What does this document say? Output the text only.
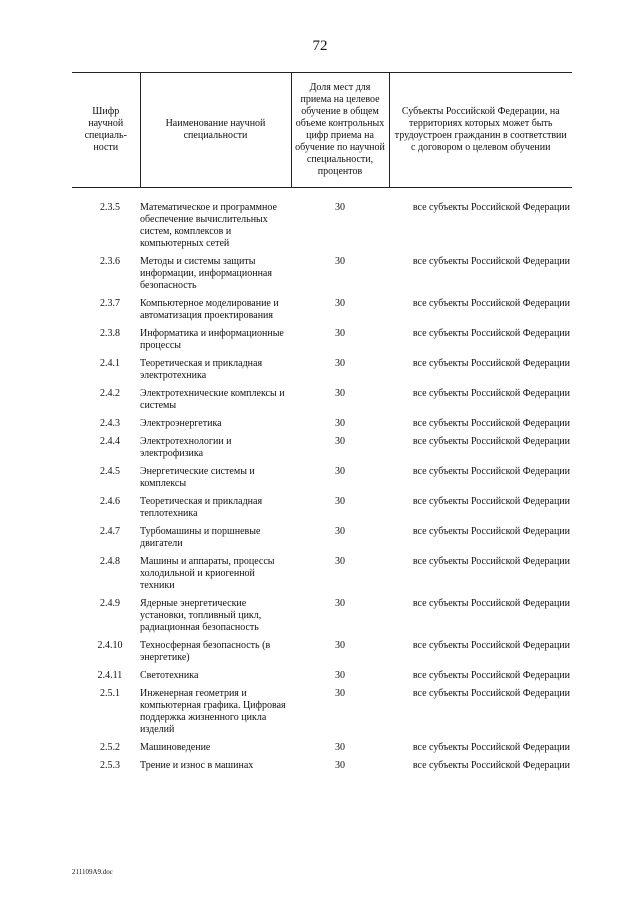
72
Шифр научной специаль- ности	Наименование научной специальности	Доля мест для приема на целевое обучение в общем объеме контрольных цифр приема на обучение по научной специальности, процентов	Субъекты Российской Федерации, на территориях которых может быть трудоустроен гражданин в соответствии с договором о целевом обучении

2.3.5	Математическое и программное обеспечение вычислительных систем, комплексов и компьютерных сетей	30	все субъекты Российской Федерации
2.3.6	Методы и системы защиты информации, информационная безопасность	30	все субъекты Российской Федерации
2.3.7	Компьютерное моделирование и автоматизация проектирования	30	все субъекты Российской Федерации
2.3.8	Информатика и информационные процессы	30	все субъекты Российской Федерации
2.4.1	Теоретическая и прикладная электротехника	30	все субъекты Российской Федерации
2.4.2	Электротехнические комплексы и системы	30	все субъекты Российской Федерации
2.4.3	Электроэнергетика	30	все субъекты Российской Федерации
2.4.4	Электротехнологии и электрофизика	30	все субъекты Российской Федерации
2.4.5	Энергетические системы и комплексы	30	все субъекты Российской Федерации
2.4.6	Теоретическая и прикладная теплотехника	30	все субъекты Российской Федерации
2.4.7	Турбомашины и поршневые двигатели	30	все субъекты Российской Федерации
2.4.8	Машины и аппараты, процессы холодильной и криогенной техники	30	все субъекты Российской Федерации
2.4.9	Ядерные энергетические установки, топливный цикл, радиационная безопасность	30	все субъекты Российской Федерации
2.4.10	Техносферная безопасность (в энергетике)	30	все субъекты Российской Федерации
2.4.11	Светотехника	30	все субъекты Российской Федерации
2.5.1	Инженерная геометрия и компьютерная графика. Цифровая поддержка жизненного цикла изделий	30	все субъекты Российской Федерации
2.5.2	Машиноведение	30	все субъекты Российской Федерации
2.5.3	Трение и износ в машинах	30	все субъекты Российской Федерации
211109A9.doc
